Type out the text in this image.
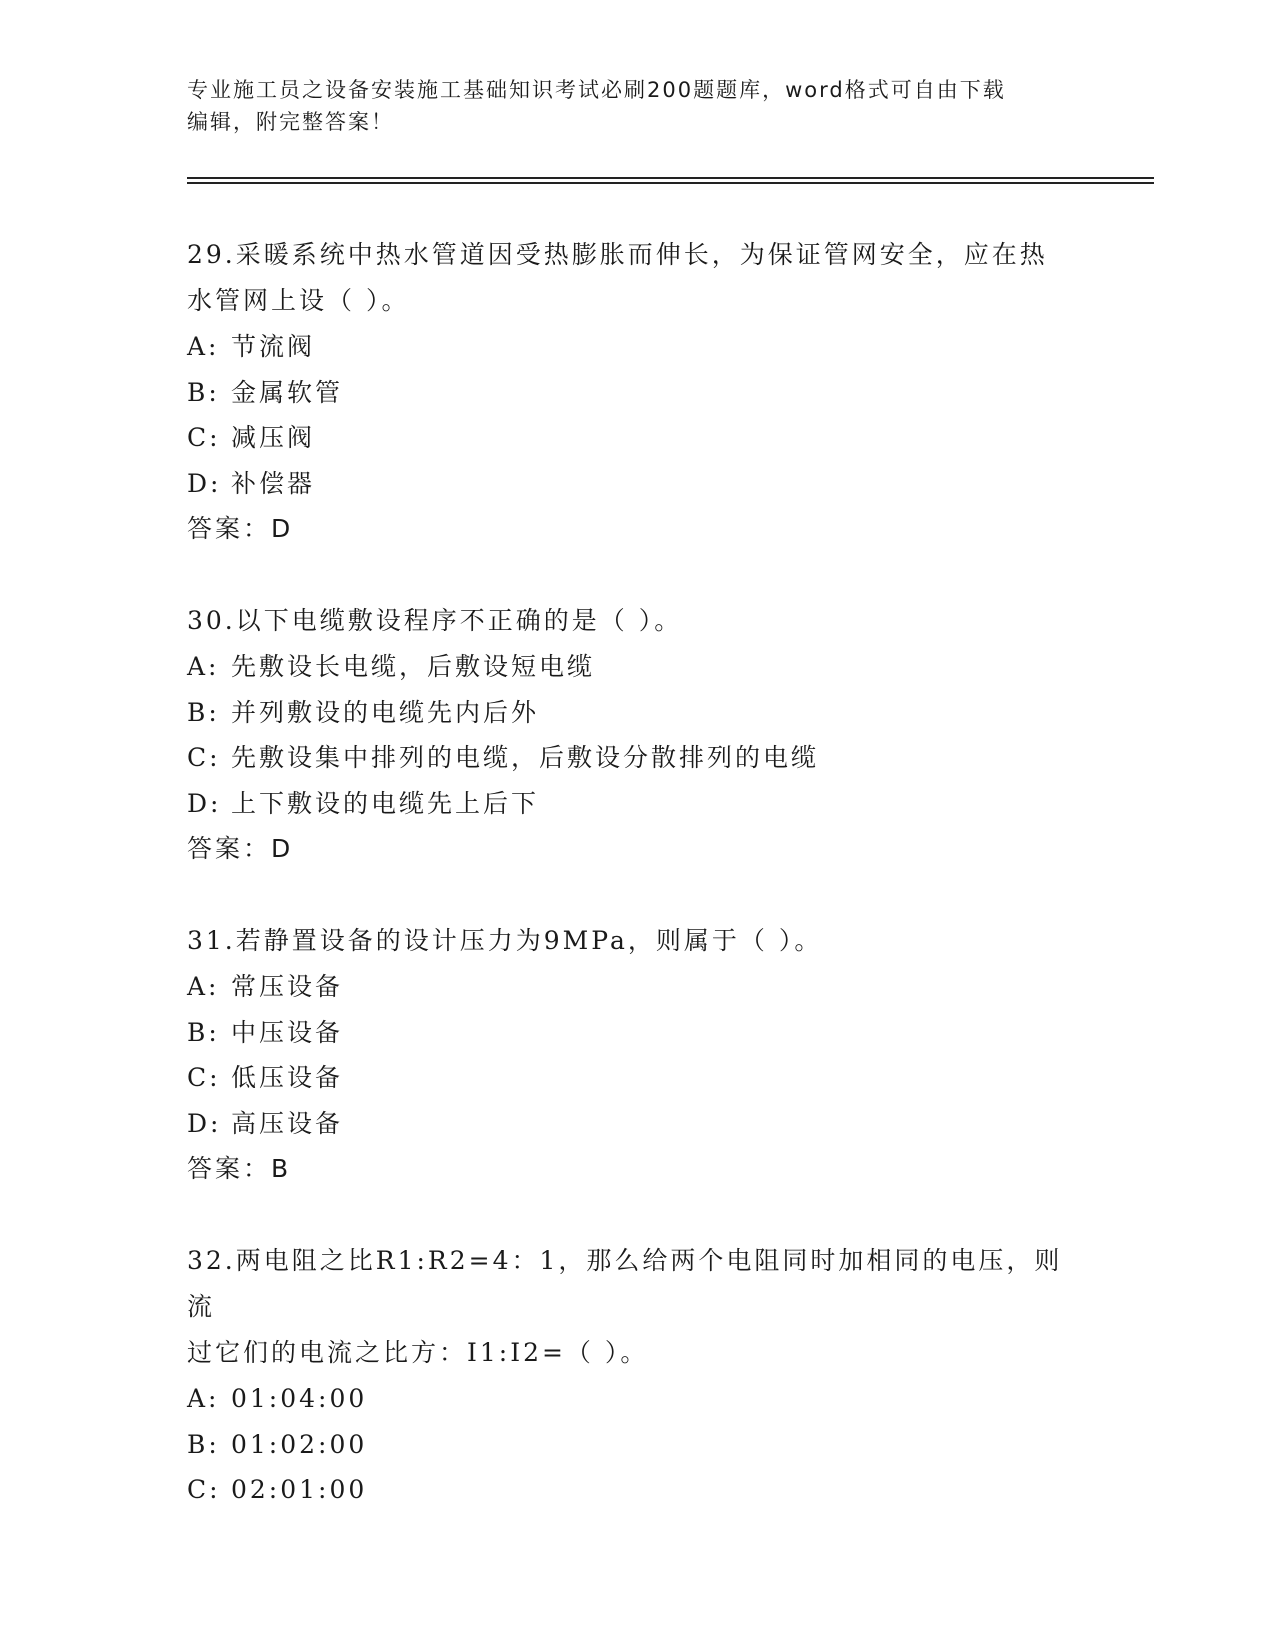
专业施工员之设备安装施工基础知识考试必刷200题题库，word格式可自由下载
编辑，附完整答案！
29.采暖系统中热水管道因受热膨胀而伸长，为保证管网安全，应在热
水管网上设（ ）。
A: 节流阀
B: 金属软管
C: 减压阀
D: 补偿器
答案：D
30.以下电缆敷设程序不正确的是（ ）。
A: 先敷设长电缆，后敷设短电缆
B: 并列敷设的电缆先内后外
C: 先敷设集中排列的电缆，后敷设分散排列的电缆
D: 上下敷设的电缆先上后下
答案：D
31.若静置设备的设计压力为9MPa，则属于（ ）。
A: 常压设备
B: 中压设备
C: 低压设备
D: 高压设备
答案：B
32.两电阻之比R1:R2=4：1，那么给两个电阻同时加相同的电压，则流
过它们的电流之比方：I1:I2=（ ）。
A: 01:04:00
B: 01:02:00
C: 02:01:00
